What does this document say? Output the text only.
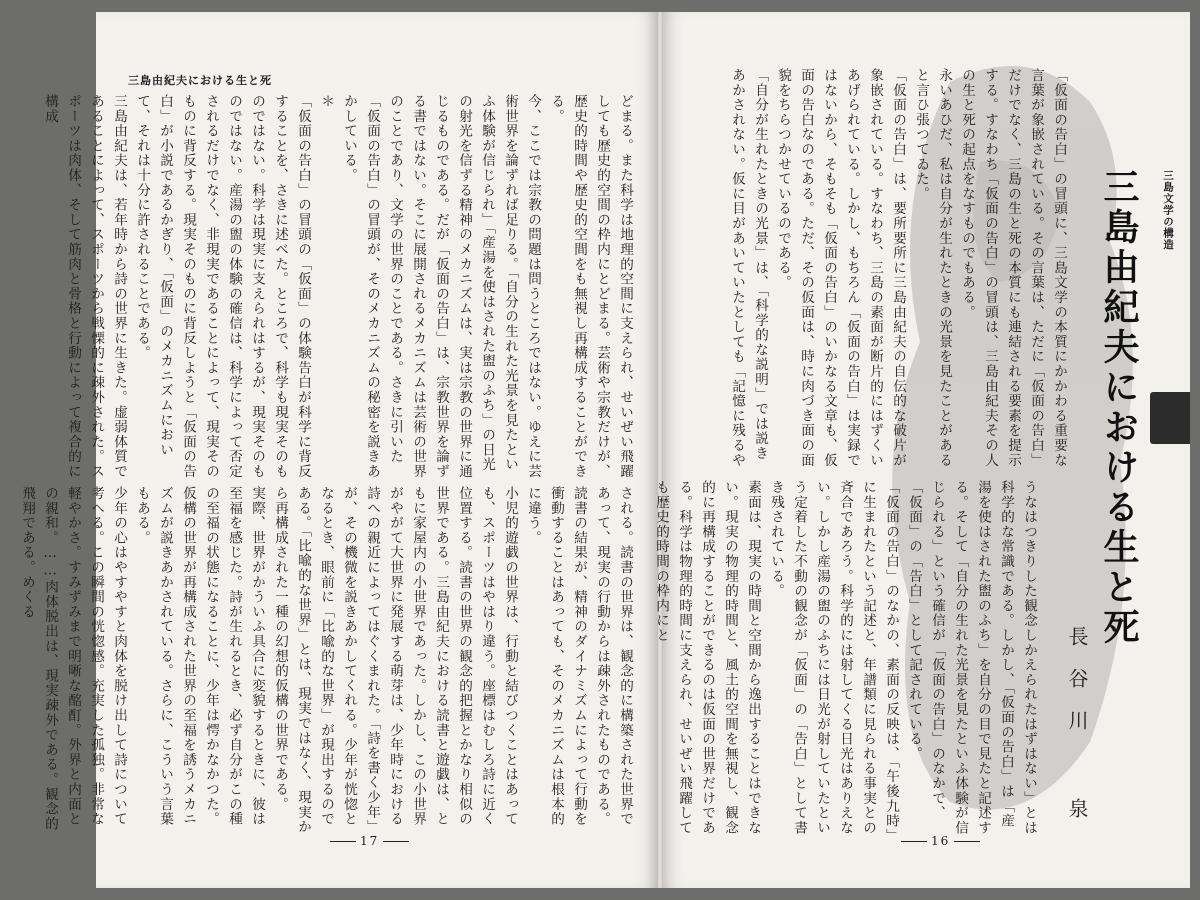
三島由紀夫における生と死
どまる。また科学は地理的空間に支えられ、せいぜい飛躍しても歴史的空間の枠内にとどまる。芸術や宗教だけが、歴史的時間や歴史的空間をも無視し再構成することができる。
今、ここでは宗教の問題は問うところではない。ゆえに芸術世界を論ずれば足りる。「自分の生れた光景を見たといふ体験が信じられ」「産湯を使はされた盥のふち」の日光の射光を信ずる精神のメカニズムは、実は宗教の世界に通じるものである。だが「仮面の告白」は、宗教世界を論ずる書ではない。そこに展開されるメカニズムは芸術の世界のことであり、文学の世界のことである。さきに引いた「仮面の告白」の冒頭が、そのメカニズムの秘密を説きあかしている。
＊
「仮面の告白」の冒頭の「仮面」の体験告白が科学に背反することを、さきに述べた。ところで、科学も現実そのものではない。科学は現実に支えられはするが、現実そのものではない。産湯の盥の体験の確信は、科学によって否定されるだけでなく、非現実であることによって、現実そのものに背反する。現実そのものに背反しようと「仮面の告白」が小説であるかぎり、「仮面」のメカニズムにおいて、それは十分に許されることである。
三島由紀夫は、若年時から詩の世界に生きた。虚弱体質であることによって、スポーツから戦慄的に疎外された。スポーツは肉体、そして筋肉と骨格と行動によって複合的に構成
される。読書の世界は、観念的に構築された世界であって、現実の行動からは疎外されたものである。読書の結果が、精神のダイナミズムによって行動を衝動することはあっても、そのメカニズムは根本的に違う。
小児的遊戯の世界は、行動と結びつくことはあっても、スポーツはやはり違う。座標はむしろ詩に近く位置する。読書の世界の観念的把握とかなり相似の世界である。三島由紀夫における読書と遊戯は、ともに家屋内の小世界であった。しかし、この小世界がやがて大世界に発展する萌芽は、少年時における詩への親近によってはぐくまれた。「詩を書く少年」が、その機微を説きあかしてくれる。少年が恍惚となるとき、眼前に「比喩的な世界」が現出するのである。「比喩的な世界」とは、現実ではなく、現実から再構成された一種の幻想的仮構の世界である。
実際、世界がかういふ具合に変貌するときに、彼は至福を感じた。詩が生れるとき、必ず自分がこの種の至福の状態になることに、少年は愕かなかつた。
仮構の世界が再構成された世界の至福を誘うメカニズムが説きあかされている。さらに、こういう言葉もある。
少年の心はやすやすと肉体を脱け出して詩について考へる。この瞬間の恍惚感。充実した孤独。非常な軽やかさ。すみずみまで明晰な酩酊。外界と内面との親和。……肉体脱出は、現実疎外である。観念的飛翔である。めくる
17
三島文学の構造
三島由紀夫における生と死
長谷川 泉
「仮面の告白」の冒頭に、三島文学の本質にかかわる重要な言葉が象嵌されている。その言葉は、ただに「仮面の告白」だけでなく、三島の生と死の本質にも連結される要素を提示する。すなわち「仮面の告白」の冒頭は、三島由紀夫その人の生と死の起点をなすものでもある。
永いあひだ、私は自分が生れたときの光景を見たことがあると言ひ張つてゐた。
「仮面の告白」は、要所要所に三島由紀夫の自伝的な破片が象嵌されている。すなわち、三島の素面が断片的にはずくいあげられている。しかし、もちろん「仮面の告白」は実録ではないから、そもそも「仮面の告白」のいかなる文章も、仮面の告白なのである。ただ、その仮面は、時に肉づき面の面貌をちらつかせているのである。
「自分が生れたときの光景」は、「科学的な説明」では説きあかされない。仮に目があいていたとしても「記憶に残るや
うなはつきりした観念しかえられたはずはない」とは科学的な常識である。しかし、「仮面の告白」は「産湯を使はされた盥のふち」を自分の目で見たと記述する。そして「自分の生れた光景を見たといふ体験が信じられる」という確信が「仮面の告白」のなかで、「仮面」の「告白」として記されている。
「仮面の告白」のなかの、素面の反映は、「午後九時」に生まれたという記述と、年譜類に見られる事実との斉合であろう。科学的には射してくる日光はありえない。しかし産湯の盥のふちには日光が射していたという定着した不動の観念が「仮面」の「告白」として書き残されている。
素面は、現実の時間と空間から逸出することはできない。現実の物理的時間と、風土的空間を無視し、観念的に再構成することができるのは仮面の世界だけである。科学は物理的時間に支えられ、せいぜい飛躍しても歴史的時間の枠内にと
16
